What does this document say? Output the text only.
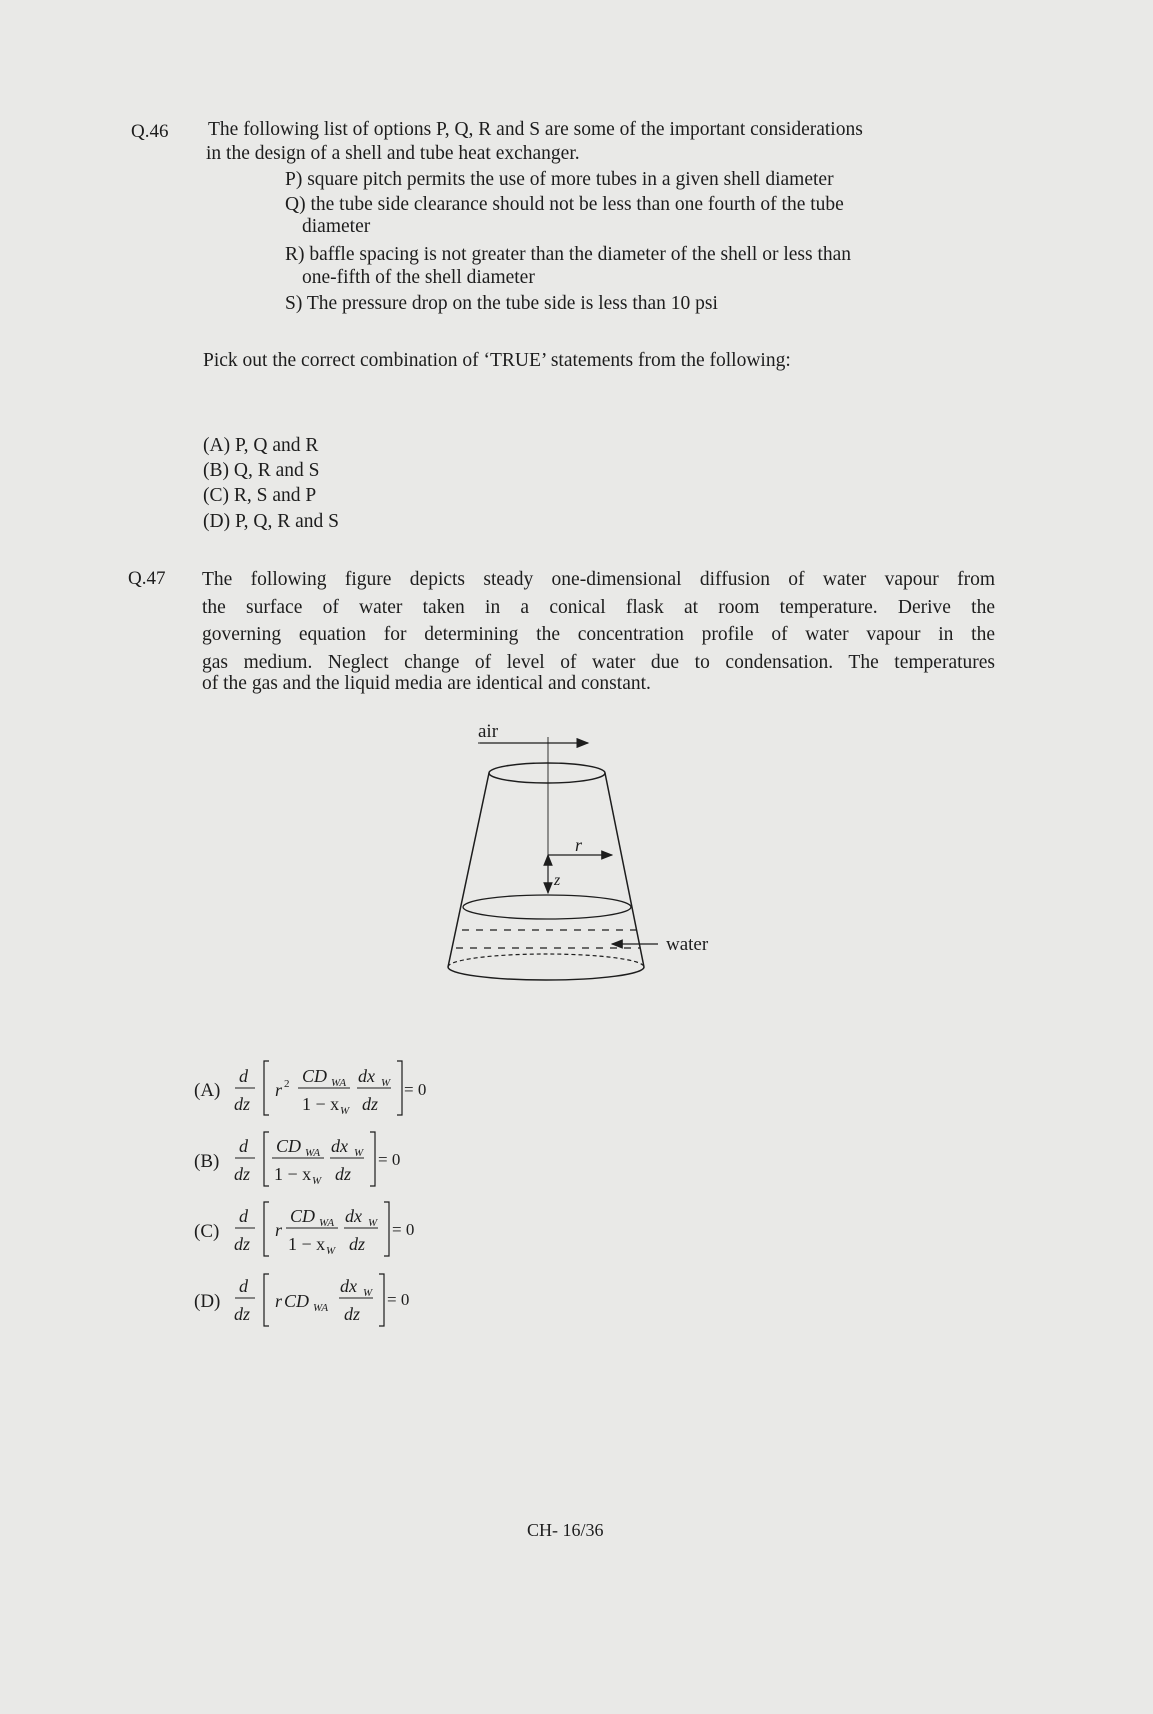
Q.46 The following list of options P, Q, R and S are some of the important considerations
in the design of a shell and tube heat exchanger.
P) square pitch permits the use of more tubes in a given shell diameter
Q) the tube side clearance should not be less than one fourth of the tube
diameter
R) baffle spacing is not greater than the diameter of the shell or less than
one-fifth of the shell diameter
S) The pressure drop on the tube side is less than 10 psi
Pick out the correct combination of ‘TRUE’ statements from the following:
(A) P, Q and R
(B) Q, R and S
(C) R, S and P
(D) P, Q, R and S
Q.47 The following figure depicts steady one-dimensional diffusion of water vapour from
the surface of water taken in a conical flask at room temperature. Derive the
governing equation for determining the concentration profile of water vapour in the
gas medium. Neglect change of level of water due to condensation. The temperatures
of the gas and the liquid media are identical and constant.
air
r
z
water
(A)
d
dz
r 2 CD WA
1 − x W
dx W
dz
= 0
(B)
d
dz
CD WA
1 − x W
dx W
dz
= 0
(C)
d
dz
r
CD WA
1 − x W
dx W
dz
= 0
(D)
d
dz
r CD WA
dx W
dz
= 0
CH- 16/36
